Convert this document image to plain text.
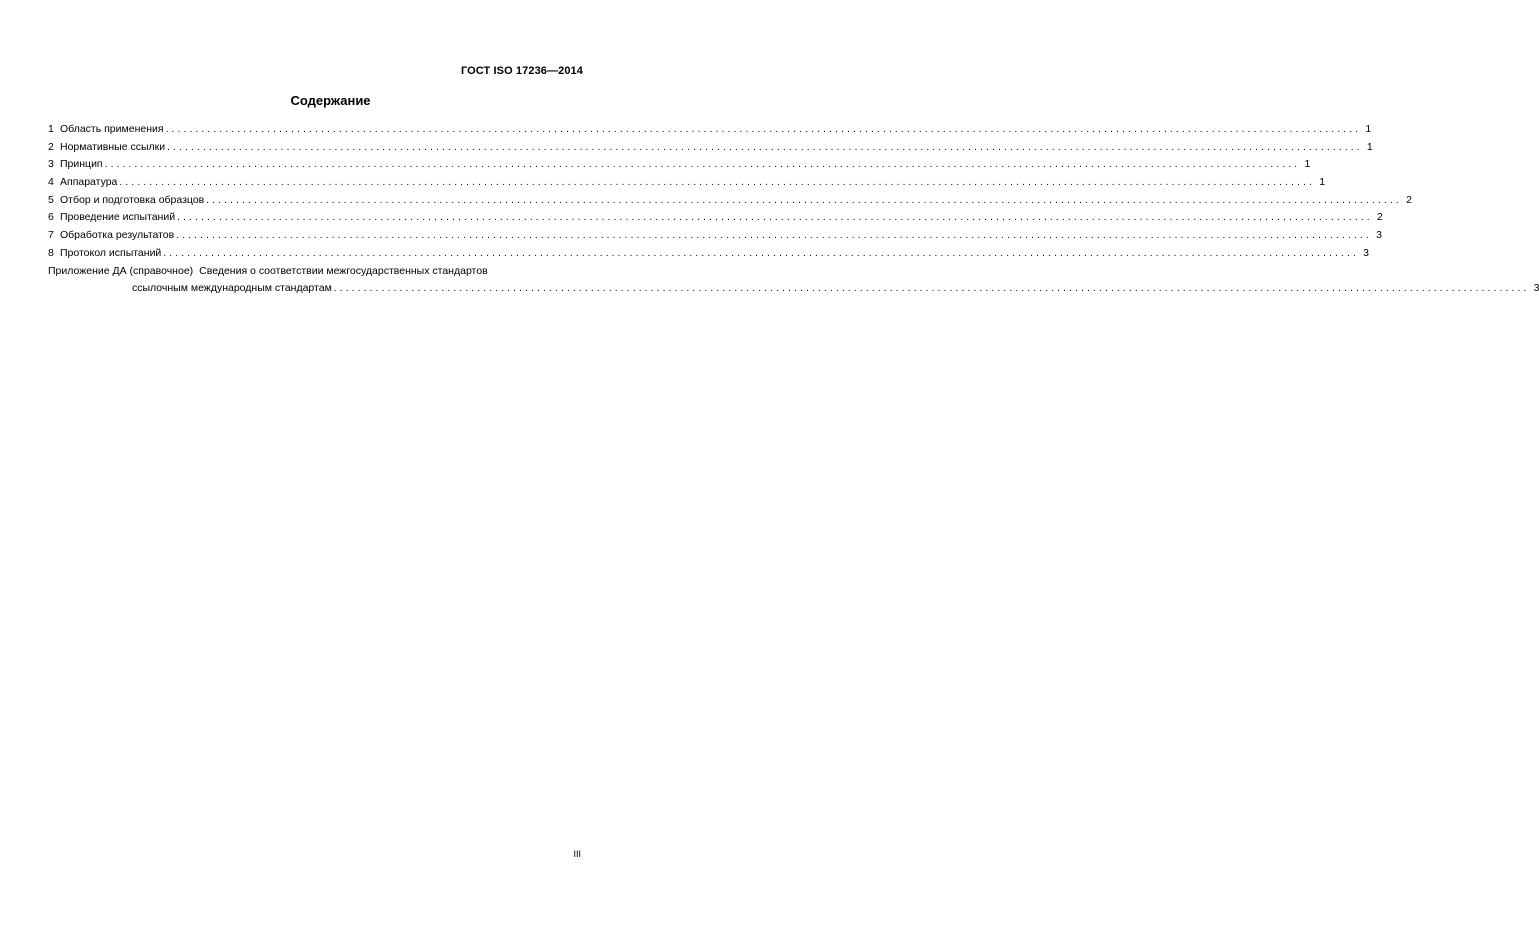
ГОСТ ISO 17236—2014
Содержание
1 Область применения ........................................................................................................................................................................................................ 1
2 Нормативные ссылки ........................................................................................................................................................................................................ 1
3 Принцип ........................................................................................................................................................................................................ 1
4 Аппаратура ........................................................................................................................................................................................................ 1
5 Отбор и подготовка образцов ........................................................................................................................................................................................................ 2
6 Проведение испытаний ........................................................................................................................................................................................................ 2
7 Обработка результатов ........................................................................................................................................................................................................ 3
8 Протокол испытаний ........................................................................................................................................................................................................ 3
Приложение ДА (справочное) Сведения о соответствии межгосударственных стандартов
ссылочным международным стандартам ........................................................................................................................................................................................................ 3
III
